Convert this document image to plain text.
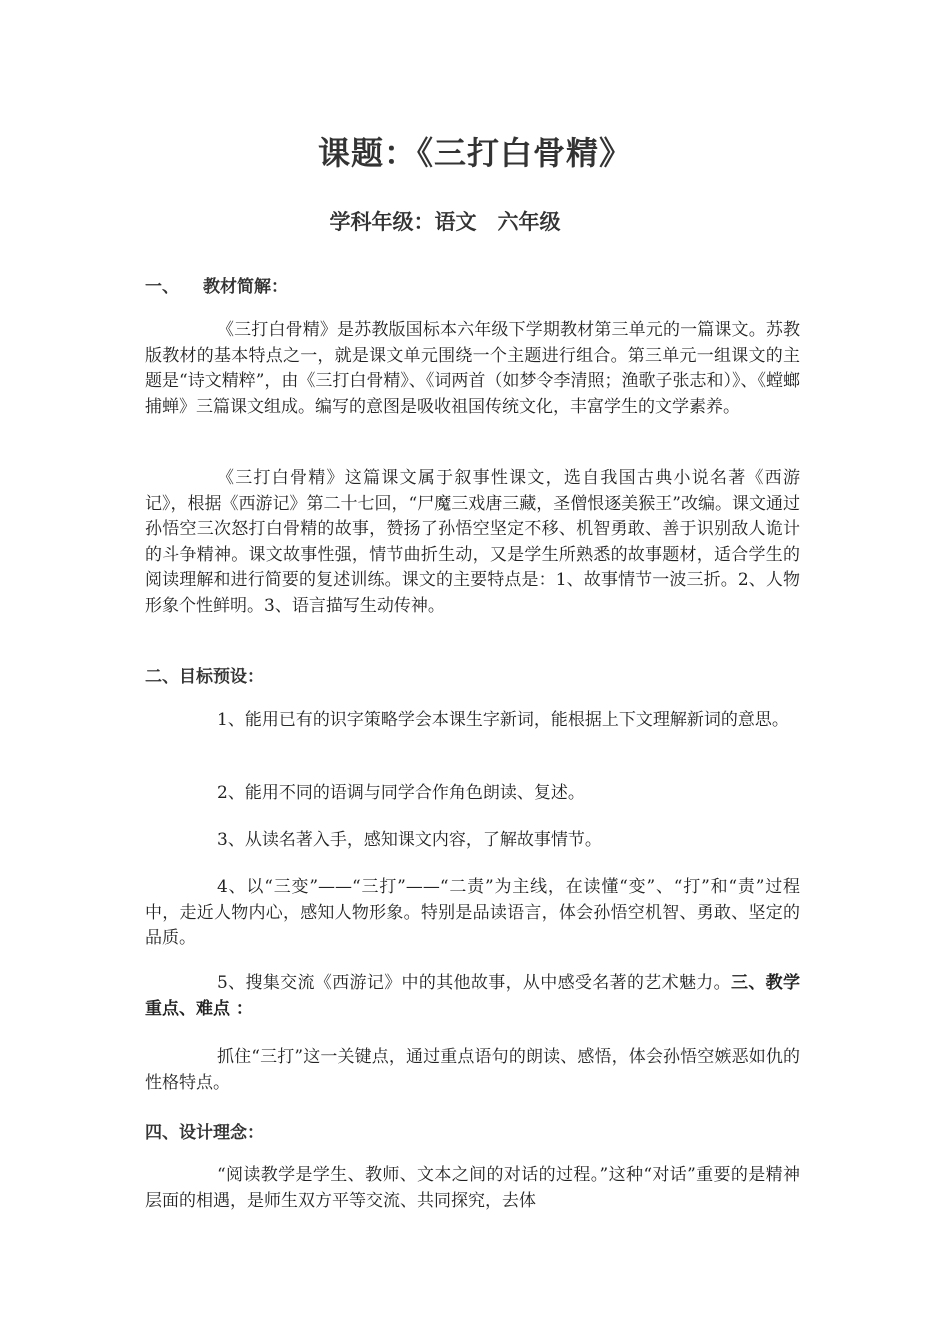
课题：《三打白骨精》
学科年级：语文　六年级
一、 教材简解：
《三打白骨精》是苏教版国标本六年级下学期教材第三单元的一篇课文。苏教版教材的基本特点之一，就是课文单元围绕一个主题进行组合。第三单元一组课文的主题是“诗文精粹”，由《三打白骨精》、《词两首（如梦令李清照；渔歌子张志和）》、《螳螂捕蝉》三篇课文组成。编写的意图是吸收祖国传统文化，丰富学生的文学素养。
《三打白骨精》这篇课文属于叙事性课文，选自我国古典小说名著《西游记》，根据《西游记》第二十七回，“尸魔三戏唐三藏，圣僧恨逐美猴王”改编。课文通过孙悟空三次怒打白骨精的故事，赞扬了孙悟空坚定不移、机智勇敢、善于识别敌人诡计的斗争精神。课文故事性强，情节曲折生动，又是学生所熟悉的故事题材，适合学生的阅读理解和进行简要的复述训练。课文的主要特点是：1、故事情节一波三折。2、人物形象个性鲜明。3、语言描写生动传神。
二、目标预设：
1、能用已有的识字策略学会本课生字新词，能根据上下文理解新词的意思。
2、能用不同的语调与同学合作角色朗读、复述。
3、从读名著入手，感知课文内容，了解故事情节。
4、以“三变”——“三打”——“二责”为主线，在读懂“变”、“打”和“责”过程中，走近人物内心，感知人物形象。特别是品读语言，体会孙悟空机智、勇敢、坚定的品质。
5、搜集交流《西游记》中的其他故事，从中感受名著的艺术魅力。三、教学重点、难点 ：
抓住“三打”这一关键点，通过重点语句的朗读、感悟，体会孙悟空嫉恶如仇的性格特点。
四、设计理念：
“阅读教学是学生、教师、文本之间的对话的过程。”这种“对话”重要的是精神层面的相遇，是师生双方平等交流、共同探究，去体
